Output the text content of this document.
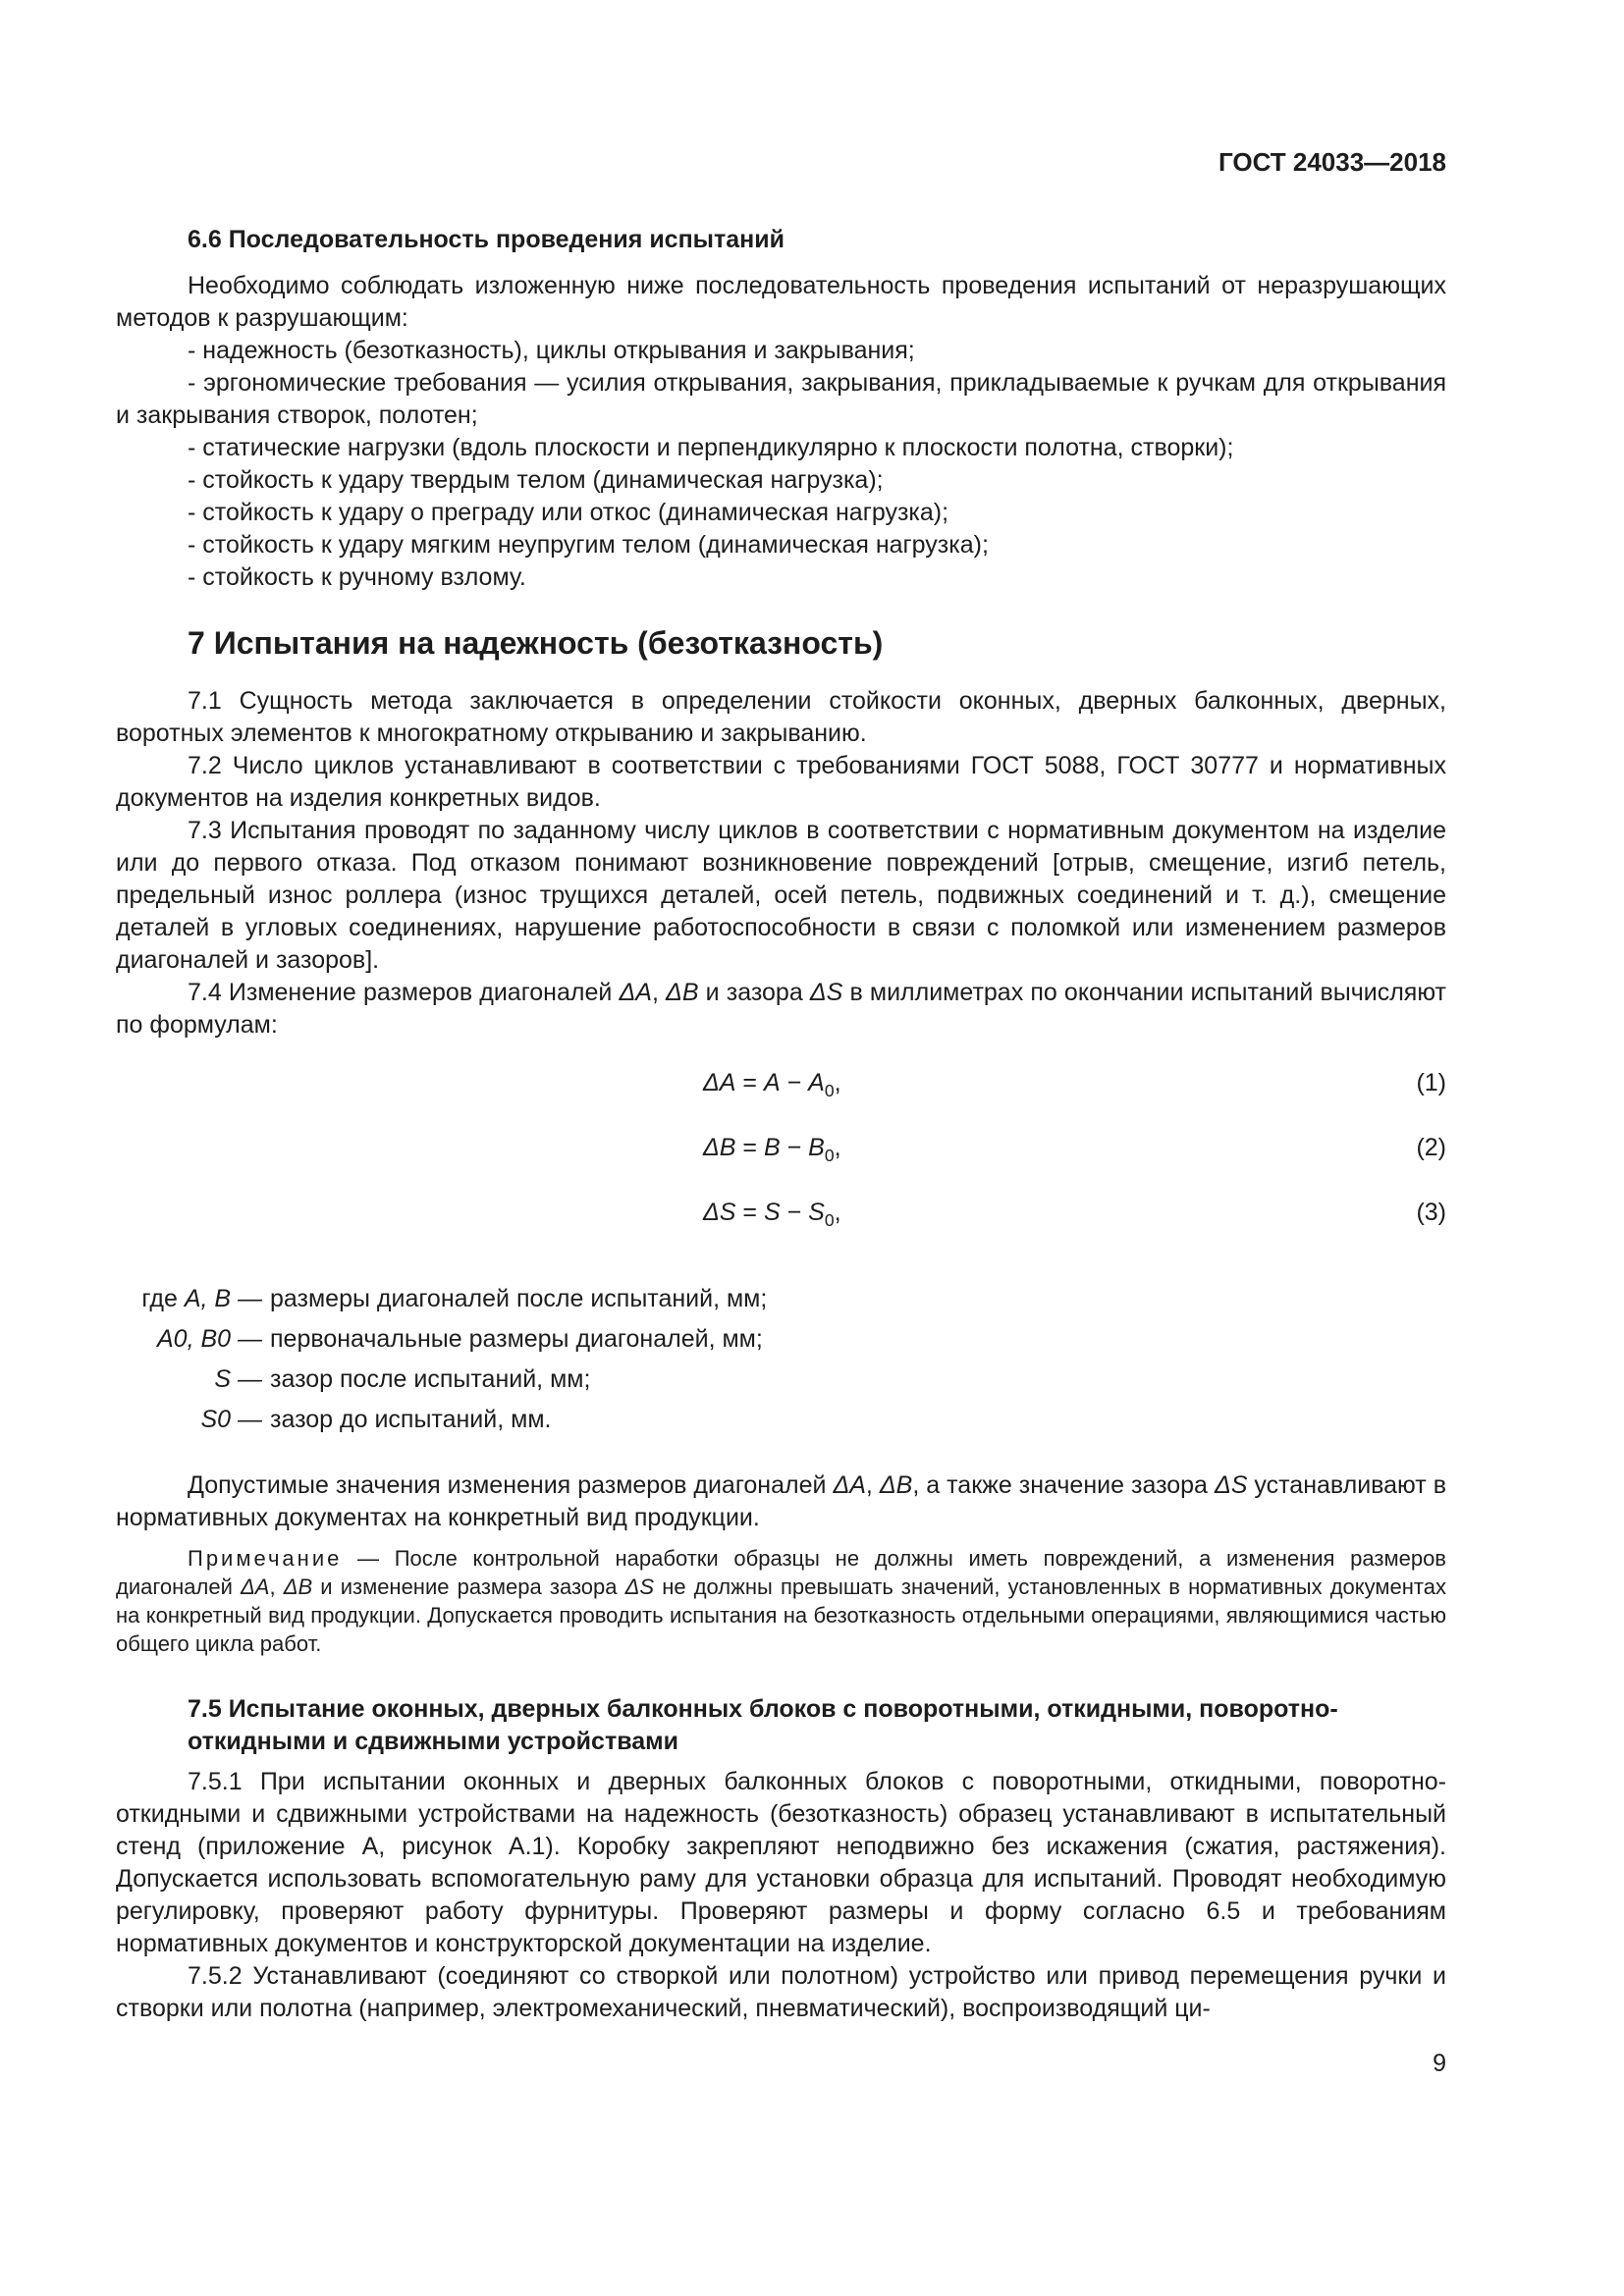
ГОСТ 24033—2018
6.6 Последовательность проведения испытаний

Необходимо соблюдать изложенную ниже последовательность проведения испытаний от неразрушающих методов к разрушающим:

- надежность (безотказность), циклы открывания и закрывания;

- эргономические требования — усилия открывания, закрывания, прикладываемые к ручкам для открывания и закрывания створок, полотен;

- статические нагрузки (вдоль плоскости и перпендикулярно к плоскости полотна, створки);

- стойкость к удару твердым телом (динамическая нагрузка);

- стойкость к удару о преграду или откос (динамическая нагрузка);

- стойкость к удару мягким неупругим телом (динамическая нагрузка);

- стойкость к ручному взлому.

7 Испытания на надежность (безотказность)

7.1 Сущность метода заключается в определении стойкости оконных, дверных балконных, дверных, воротных элементов к многократному открыванию и закрыванию.

7.2 Число циклов устанавливают в соответствии с требованиями ГОСТ 5088, ГОСТ 30777 и нормативных документов на изделия конкретных видов.

7.3 Испытания проводят по заданному числу циклов в соответствии с нормативным документом на изделие или до первого отказа. Под отказом понимают возникновение повреждений [отрыв, смещение, изгиб петель, предельный износ роллера (износ трущихся деталей, осей петель, подвижных соединений и т. д.), смещение деталей в угловых соединениях, нарушение работоспособности в связи с поломкой или изменением размеров диагоналей и зазоров].

7.4 Изменение размеров диагоналей ΔA, ΔB и зазора ΔS в миллиметрах по окончании испытаний вычисляют по формулам:

$\Delta A = A - A_0$,	(1)
$\Delta B = B - B_0$,	(2)
$\Delta S = S - S_0$,	(3)
где A, B — размеры диагоналей после испытаний, мм;
A0, B0 — первоначальные размеры диагоналей, мм;
S — зазор после испытаний, мм;
S0 — зазор до испытаний, мм.

Допустимые значения изменения размеров диагоналей ΔA, ΔB, а также значение зазора ΔS устанавливают в нормативных документах на конкретный вид продукции.

Примечание — После контрольной наработки образцы не должны иметь повреждений, а изменения размеров диагоналей ΔA, ΔB и изменение размера зазора ΔS не должны превышать значений, установленных в нормативных документах на конкретный вид продукции. Допускается проводить испытания на безотказность отдельными операциями, являющимися частью общего цикла работ.
7.5 Испытание оконных, дверных балконных блоков с поворотными, откидными, поворотно-откидными и сдвижными устройствами

7.5.1 При испытании оконных и дверных балконных блоков с поворотными, откидными, поворотно-откидными и сдвижными устройствами на надежность (безотказность) образец устанавливают в испытательный стенд (приложение А, рисунок А.1). Коробку закрепляют неподвижно без искажения (сжатия, растяжения). Допускается использовать вспомогательную раму для установки образца для испытаний. Проводят необходимую регулировку, проверяют работу фурнитуры. Проверяют размеры и форму согласно 6.5 и требованиям нормативных документов и конструкторской документации на изделие.

7.5.2 Устанавливают (соединяют со створкой или полотном) устройство или привод перемещения ручки и створки или полотна (например, электромеханический, пневматический), воспроизводящий ци-

9
